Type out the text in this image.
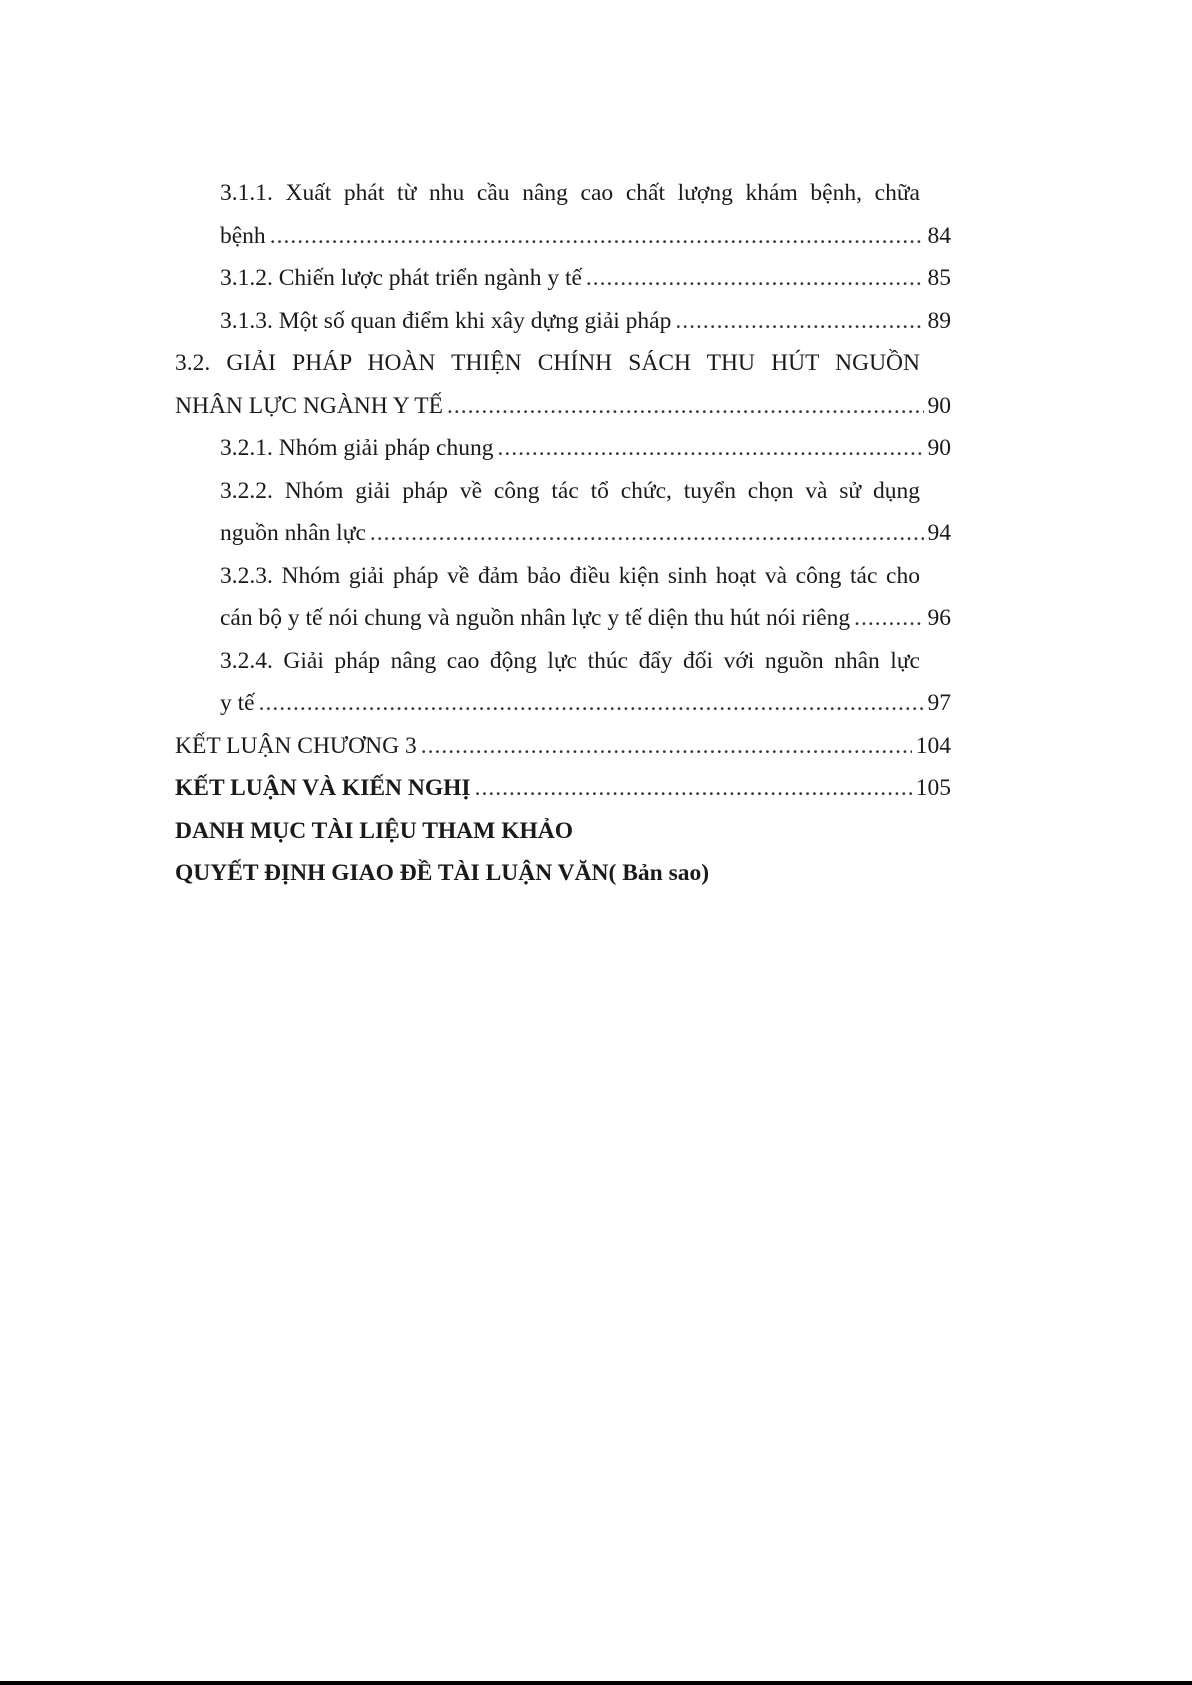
3.1.1. Xuất phát từ nhu cầu nâng cao chất lượng khám bệnh, chữa
bệnh .....	84
3.1.2. Chiến lược phát triển ngành y tế .....	85
3.1.3. Một số quan điểm khi xây dựng giải pháp .....	89
3.2. GIẢI PHÁP HOÀN THIỆN CHÍNH SÁCH THU HÚT NGUỒN
NHÂN LỰC NGÀNH Y TẾ .....	90
3.2.1. Nhóm giải pháp chung .....	90
3.2.2. Nhóm giải pháp về công tác tổ chức, tuyển chọn và sử dụng
nguồn nhân lực .....	94
3.2.3. Nhóm giải pháp về đảm bảo điều kiện sinh hoạt và công tác cho
cán bộ y tế nói chung và nguồn nhân lực y tế diện thu hút nói riêng .....	96
3.2.4. Giải pháp nâng cao động lực thúc đẩy đối với nguồn nhân lực
y tế .....	97
KẾT LUẬN CHƯƠNG 3 .....	104
KẾT LUẬN VÀ KIẾN NGHỊ .....	105
DANH MỤC TÀI LIỆU THAM KHẢO
QUYẾT ĐỊNH GIAO ĐỀ TÀI LUẬN VĂN( Bản sao)
